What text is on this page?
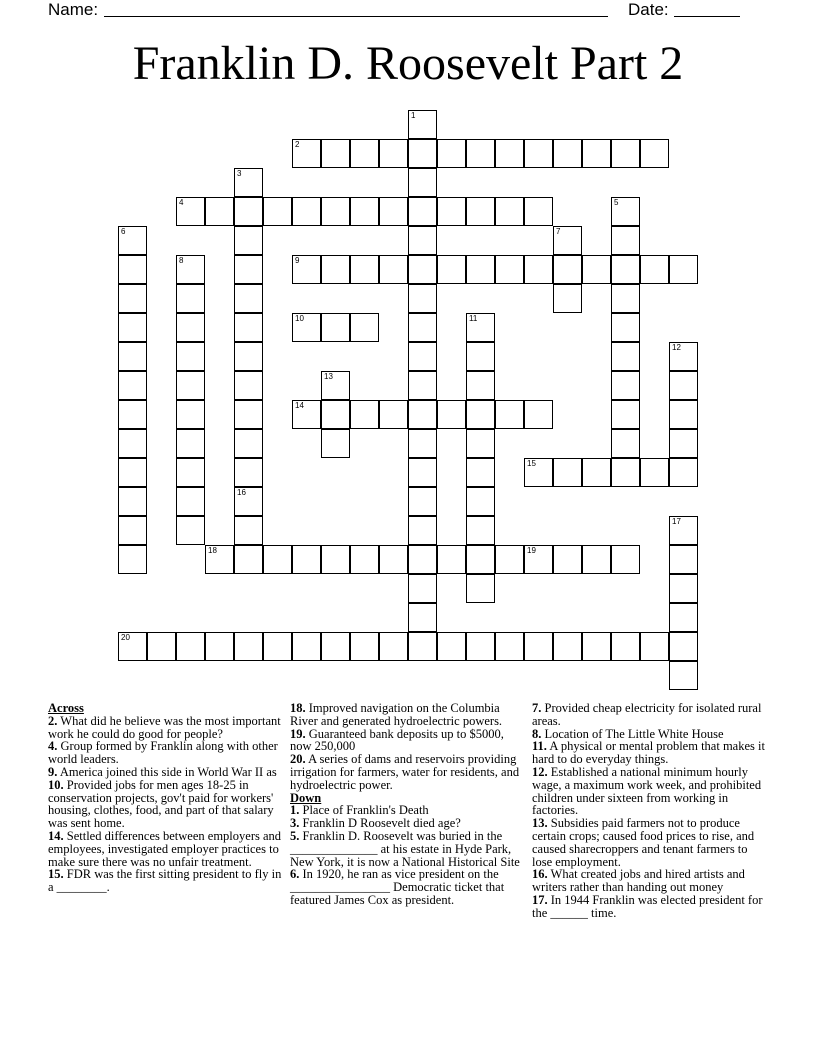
Name:	Date:
Franklin D. Roosevelt Part 2
2
4
9
10
14
15
18	19
20
1
3
5
6	7
8
11
12
13
16
17

Across

2. What did he believe was the most important work he could do good for people?

4. Group formed by Franklin along with other world leaders.

9. America joined this side in World War II as

10. Provided jobs for men ages 18-25 in conservation projects, gov't paid for workers' housing, clothes, food, and part of that salary was sent home.

14. Settled differences between employers and employees, investigated employer practices to make sure there was no unfair treatment.

15. FDR was the first sitting president to fly in a ________.

18. Improved navigation on the Columbia River and generated hydroelectric powers.

19. Guaranteed bank deposits up to $5000, now 250,000

20. A series of dams and reservoirs providing irrigation for farmers, water for residents, and hydroelectric power.

Down

1. Place of Franklin's Death

3. Franklin D Roosevelt died age?

5. Franklin D. Roosevelt was buried in the ______________ at his estate in Hyde Park, New York, it is now a National Historical Site

6. In 1920, he ran as vice president on the ________________ Democratic ticket that featured James Cox as president.

7. Provided cheap electricity for isolated rural areas.

8. Location of The Little White House

11. A physical or mental problem that makes it hard to do everyday things.

12. Established a national minimum hourly wage, a maximum work week, and prohibited children under sixteen from working in factories.

13. Subsidies paid farmers not to produce certain crops; caused food prices to rise, and caused sharecroppers and tenant farmers to lose employment.

16. What created jobs and hired artists and writers rather than handing out money

17. In 1944 Franklin was elected president for the ______ time.
